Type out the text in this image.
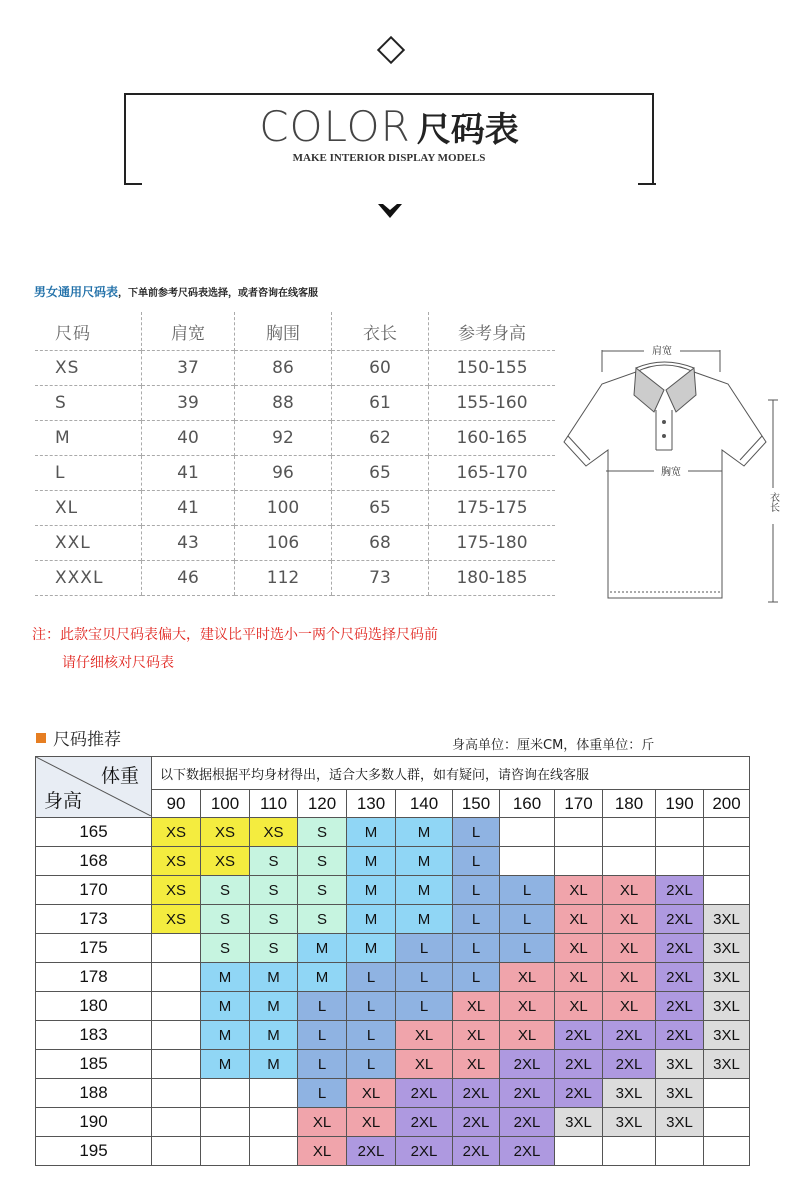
COLOR 尺码表
MAKE INTERIOR DISPLAY MODELS
男女通用尺码表，下单前参考尺码表选择，或者咨询在线客服
尺码	肩宽	胸围	衣长	参考身高
XS	37	86	60	150-155
S	39	88	61	155-160
M	40	92	62	160-165
L	41	96	65	165-170
XL	41	100	65	175-175
XXL	43	106	68	175-180
XXXL	46	112	73	180-185
肩宽
胸宽
衣长
注：此款宝贝尺码表偏大，建议比平时选小一两个尺码选择尺码前
请仔细核对尺码表
尺码推荐	身高单位：厘米CM，体重单位：斤
体重
身高	以下数据根据平均身材得出，适合大多数人群，如有疑问，请咨询在线客服											
	90	100	110	120	130	140	150	160	170	180	190	200
165	XS	XS	XS	S	M	M	L					
168	XS	XS	S	S	M	M	L					
170	XS	S	S	S	M	M	L	L	XL	XL	2XL	
173	XS	S	S	S	M	M	L	L	XL	XL	2XL	3XL
175		S	S	M	M	L	L	L	XL	XL	2XL	3XL
178		M	M	M	L	L	L	XL	XL	XL	2XL	3XL
180		M	M	L	L	L	XL	XL	XL	XL	2XL	3XL
183		M	M	L	L	XL	XL	XL	2XL	2XL	2XL	3XL
185		M	M	L	L	XL	XL	2XL	2XL	2XL	3XL	3XL
188				L	XL	2XL	2XL	2XL	2XL	3XL	3XL	
190				XL	XL	2XL	2XL	2XL	3XL	3XL	3XL	
195				XL	2XL	2XL	2XL	2XL				
